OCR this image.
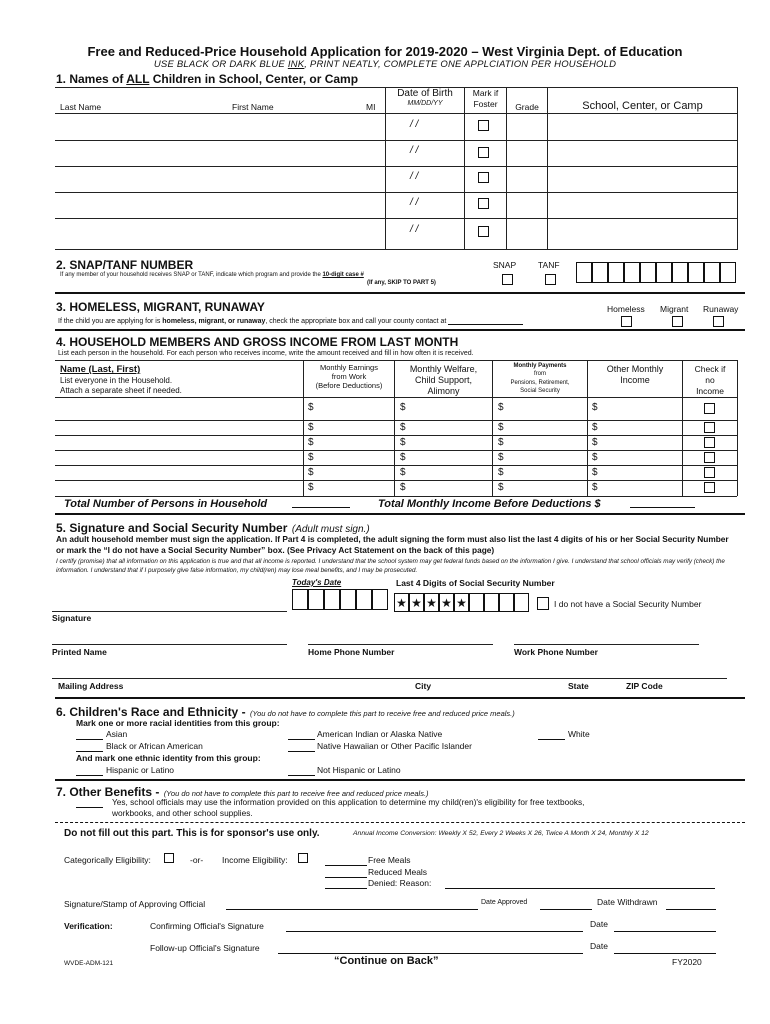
Free and Reduced-Price Household Application for 2019-2020 – West Virginia Dept. of Education
USE BLACK OR DARK BLUE INK, PRINT NEATLY, COMPLETE ONE APPLCIATION PER HOUSEHOLD
1. Names of ALL Children in School, Center, or Camp
Last Name	First Name	MI
Date of Birth
MM/DD/YY
Mark if
Foster	Grade	School, Center, or Camp
/ /
/ /
/ /
/ /
/ /
2. SNAP/TANF NUMBER
If any member of your household receives SNAP or TANF, indicate which program and provide the 10-digit case #
(If any, SKIP TO PART 5)
SNAP	TANF
3. HOMELESS, MIGRANT, RUNAWAY
If the child you are applying for is homeless, migrant, or runaway, check the appropriate box and call your county contact at
Homeless Migrant Runaway
4. HOUSEHOLD MEMBERS AND GROSS INCOME FROM LAST MONTH
List each person in the household. For each person who receives income, write the amount received and fill in how often it is received.
Name (Last, First)
List everyone in the Household.
Attach a separate sheet if needed.
Monthly Earnings
from Work
(Before Deductions)
Monthly Welfare,
Child Support,
Alimony
Monthly Payments
from
Pensions, Retirement,
Social Security
Other Monthly
Income
Check if
no
Income
$	$	$	$
$	$	$	$
$	$	$	$
$	$	$	$
$	$	$	$
$	$	$	$
Total Number of Persons in Household	Total Monthly Income Before Deductions $
5. Signature and Social Security Number (Adult must sign.)
An adult household member must sign the application. If Part 4 is completed, the adult signing the form must also list the last 4 digits of his or her Social Security Number or mark the “I do not have a Social Security Number” box. (See Privacy Act Statement on the back of this page)
I certify (promise) that all information on this application is true and that all income is reported. I understand that the school system may get federal funds based on the information I give. I understand that school officials may verify (check) the information. I understand that if I purposely give false information, my child(ren) may lose meal benefits, and I may be prosecuted.
Today's Date	Last 4 Digits of Social Security Number
★ ★ ★ ★ ★	I do not have a Social Security Number
Signature
Printed Name	Home Phone Number	Work Phone Number
Mailing Address	City	State	ZIP Code
6. Children's Race and Ethnicity - (You do not have to complete this part to receive free and reduced price meals.)
Mark one or more racial identities from this group:
Asian
Black or African American
American Indian or Alaska Native
Native Hawaiian or Other Pacific Islander
White
And mark one ethnic identity from this group:
Hispanic or Latino	Not Hispanic or Latino
7. Other Benefits - (You do not have to complete this part to receive free and reduced price meals.)
Yes, school officials may use the information provided on this application to determine my child(ren)'s eligibility for free textbooks,
workbooks, and other school supplies.
Do not fill out this part. This is for sponsor's use only.	Annual Income Conversion: Weekly X 52, Every 2 Weeks X 26, Twice A Month X 24, Monthly X 12
Categorically Eligibility:	-or- Income Eligibility:	Free Meals
Reduced Meals
Denied: Reason:
Signature/Stamp of Approving Official	Date Approved	Date Withdrawn
Verification:	Confirming Official's Signature	Date
Follow-up Official's Signature	Date
WVDE-ADM-121	“Continue on Back”	FY2020
